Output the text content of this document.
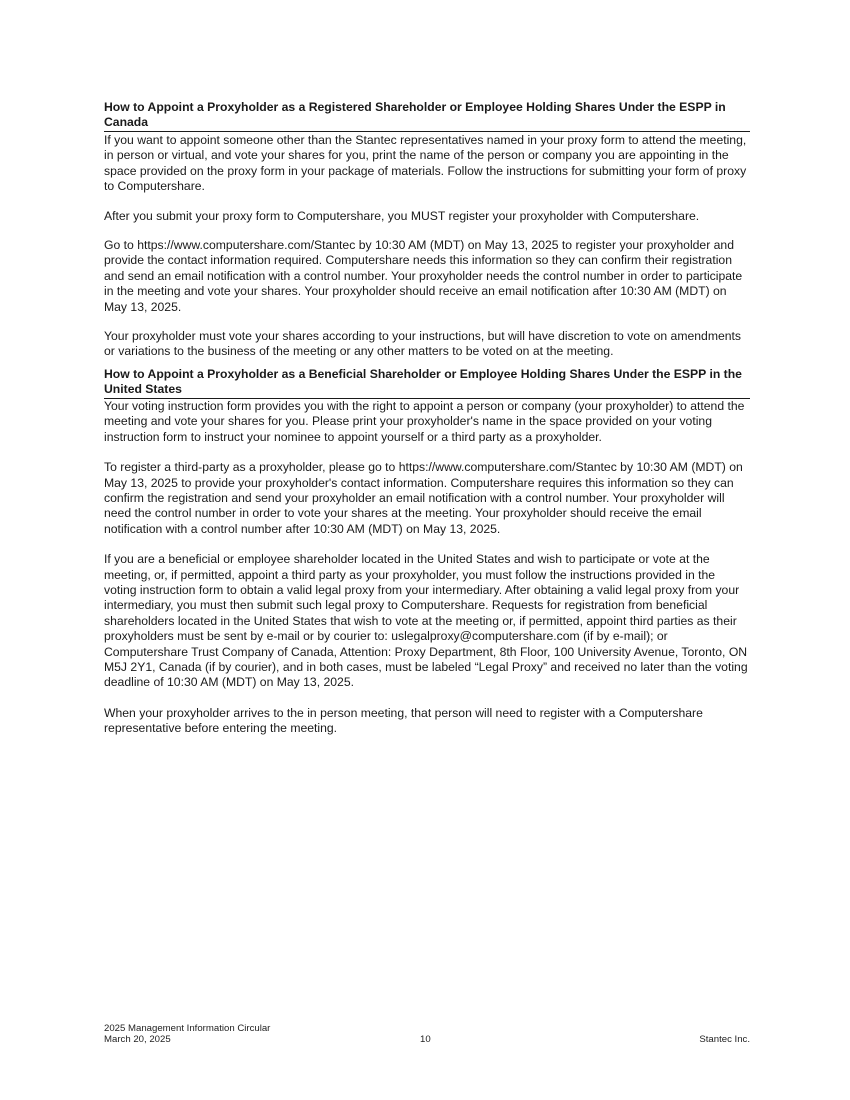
How to Appoint a Proxyholder as a Registered Shareholder or Employee Holding Shares Under the ESPP in Canada

If you want to appoint someone other than the Stantec representatives named in your proxy form to attend the meeting, in person or virtual, and vote your shares for you, print the name of the person or company you are appointing in the space provided on the proxy form in your package of materials. Follow the instructions for submitting your form of proxy to Computershare.

After you submit your proxy form to Computershare, you MUST register your proxyholder with Computershare.

Go to https://www.computershare.com/Stantec by 10:30 AM (MDT) on May 13, 2025 to register your proxyholder and provide the contact information required. Computershare needs this information so they can confirm their registration and send an email notification with a control number. Your proxyholder needs the control number in order to participate in the meeting and vote your shares. Your proxyholder should receive an email notification after 10:30 AM (MDT) on May 13, 2025.

Your proxyholder must vote your shares according to your instructions, but will have discretion to vote on amendments or variations to the business of the meeting or any other matters to be voted on at the meeting.

How to Appoint a Proxyholder as a Beneficial Shareholder or Employee Holding Shares Under the ESPP in the United States

Your voting instruction form provides you with the right to appoint a person or company (your proxyholder) to attend the meeting and vote your shares for you. Please print your proxyholder's name in the space provided on your voting instruction form to instruct your nominee to appoint yourself or a third party as a proxyholder.

To register a third-party as a proxyholder, please go to https://www.computershare.com/Stantec by 10:30 AM (MDT) on May 13, 2025 to provide your proxyholder's contact information. Computershare requires this information so they can confirm the registration and send your proxyholder an email notification with a control number. Your proxyholder will need the control number in order to vote your shares at the meeting. Your proxyholder should receive the email notification with a control number after 10:30 AM (MDT) on May 13, 2025.

If you are a beneficial or employee shareholder located in the United States and wish to participate or vote at the meeting, or, if permitted, appoint a third party as your proxyholder, you must follow the instructions provided in the voting instruction form to obtain a valid legal proxy from your intermediary. After obtaining a valid legal proxy from your intermediary, you must then submit such legal proxy to Computershare. Requests for registration from beneficial shareholders located in the United States that wish to vote at the meeting or, if permitted, appoint third parties as their proxyholders must be sent by e-mail or by courier to: uslegalproxy@computershare.com (if by e-mail); or Computershare Trust Company of Canada, Attention: Proxy Department, 8th Floor, 100 University Avenue, Toronto, ON M5J 2Y1, Canada (if by courier), and in both cases, must be labeled “Legal Proxy” and received no later than the voting deadline of 10:30 AM (MDT) on May 13, 2025.

When your proxyholder arrives to the in person meeting, that person will need to register with a Computershare representative before entering the meeting.

2025 Management Information Circular
March 20, 2025	10	Stantec Inc.
